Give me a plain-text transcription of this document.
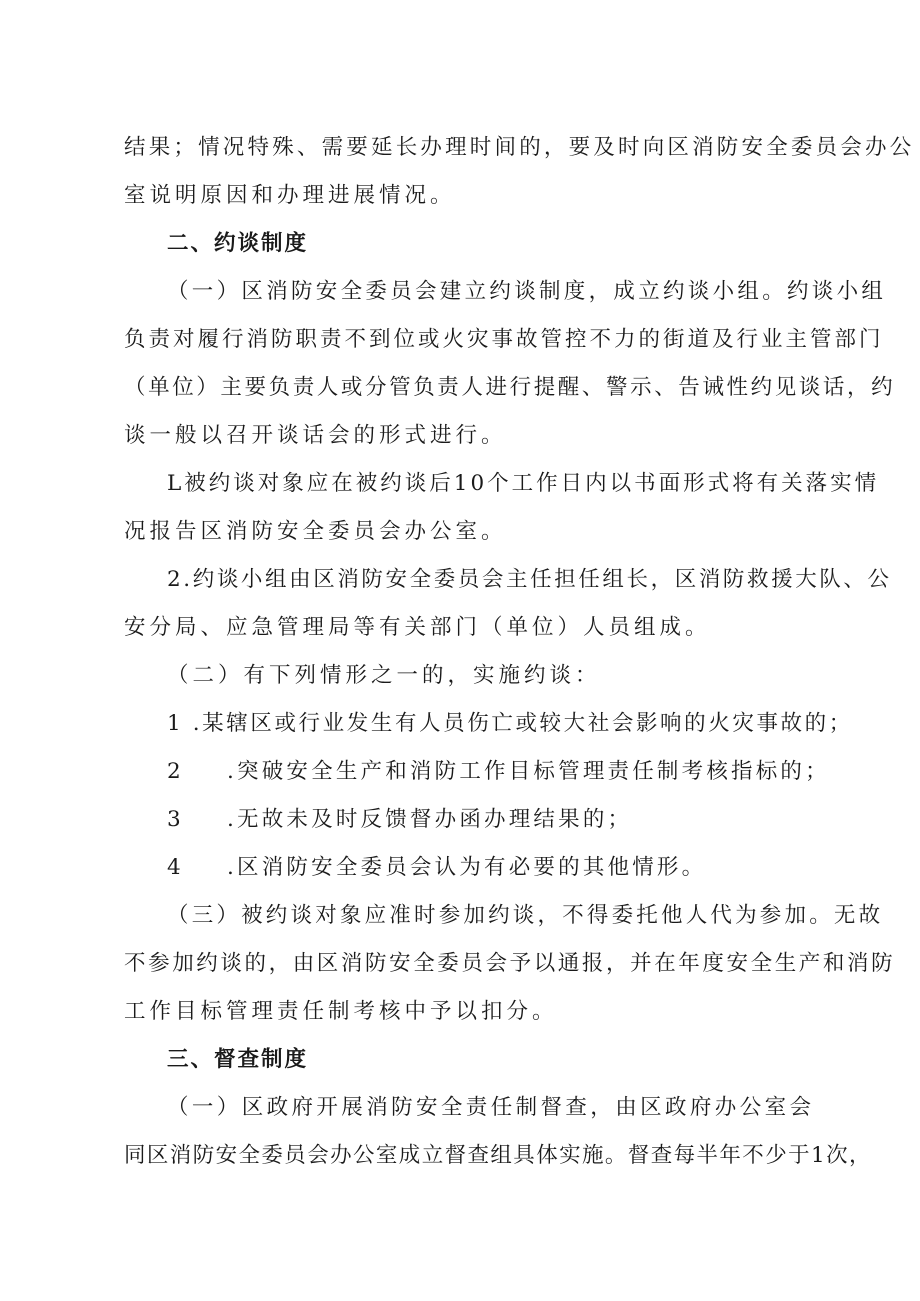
结果；情况特殊、需要延长办理时间的，要及时向区消防安全委员会办公
室说明原因和办理进展情况。
二、约谈制度
（一）区消防安全委员会建立约谈制度，成立约谈小组。约谈小组
负责对履行消防职责不到位或火灾事故管控不力的街道及行业主管部门
（单位）主要负责人或分管负责人进行提醒、警示、告诫性约见谈话，约
谈一般以召开谈话会的形式进行。
L被约谈对象应在被约谈后10个工作日内以书面形式将有关落实情
况报告区消防安全委员会办公室。
2.约谈小组由区消防安全委员会主任担任组长，区消防救援大队、公
安分局、应急管理局等有关部门（单位）人员组成。
（二）有下列情形之一的，实施约谈：
1 .某辖区或行业发生有人员伤亡或较大社会影响的火灾事故的；
2	.突破安全生产和消防工作目标管理责任制考核指标的；
3	.无故未及时反馈督办函办理结果的；
4	.区消防安全委员会认为有必要的其他情形。
（三）被约谈对象应准时参加约谈，不得委托他人代为参加。无故
不参加约谈的，由区消防安全委员会予以通报，并在年度安全生产和消防
工作目标管理责任制考核中予以扣分。
三、督查制度
（一）区政府开展消防安全责任制督查，由区政府办公室会
同区消防安全委员会办公室成立督查组具体实施。督查每半年不少于1次，
